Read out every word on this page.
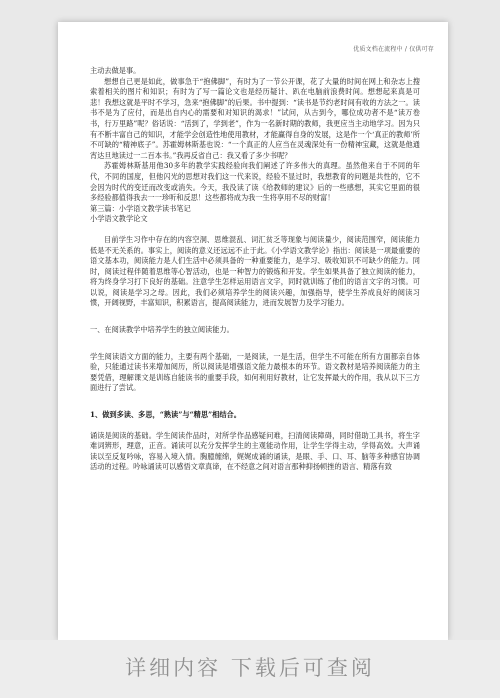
优质文档在流程中 / 仅供可存

主动去做是事。

想想自己更是如此，做事急于“抱佛脚”，有时为了一节公开课，花了大量的时间在网上和杂志上搜索着相关的图片和知识；有时为了写一篇论文也是经历疑计、趴在电脑前浪费时间。想想起来真是可悲！我想这就是平时不学习，急来“抱佛脚”的后果。书中提到：“读书是节约老时间有收的方法之一。读书不是为了应付，而是出自内心的需要和对知识的渴求！”试问，从古到今，哪位成功者不是“读万卷书，行万里路”呢？俗话说：“活到了，学到老”，作为一名新时期的教师，我更应当主动地学习。因为只有不断丰富自己的知识，才能学会创造性地使用教材，才能赢得自身的发展，这是作一个‘真正的教师’所不可缺的“精神底子”。苏霍姆林斯基也说：“一个真正的人应当在灵魂深处有一份精神宝藏，这就是他通宵达旦地读过一二百本书。”我再反省自己：我又看了多少书呢？

苏霍姆林斯基用他30多年的教学实践经验向我们阐述了许多伟大的真理。虽然他来自于不同的年代，不同的国度，但他闪光的思想对我们这一代来说，经验不显过时，我想教育的问题是共性的，它不会因为时代的变迁而改变或消失。今天，我没读了读《给教师的建议》后的一些感想，其实它里面的很多经验都值得我去一一珍听和反思！这些都将成为我一生将享用不尽的财富！

第三篇：小学语文教学读书笔记

小学语文教学论文

目前学生习作中存在的内容空洞、思维混乱、词汇贫乏等现象与阅读量少，阅读范围窄，阅读能力低是不无关系的。事实上，阅读的意义还远远不止于此。《小学语文教学论》指出：阅读是一项最重要的语文基本功，阅读能力是人们生活中必须具备的一种重要能力，是学习、吸收知识不可缺少的能力。同时，阅读过程伴随着思维等心智活动，也是一种智力的锻炼和开发。学生如果具备了独立阅读的能力，将为终身学习打下良好的基础。注意学生怎样运用语言文字，同时就训练了他们的语言文字的习惯。可以说，阅读是学习之母。因此，我们必须培养学生的阅读兴趣，加强指导，使学生养成良好的阅读习惯，开阔视野，丰富知识，积累语言，提高阅读能力，进而发展智力及学习能力。

一、在阅读教学中培养学生的独立阅读能力。

学生阅读语文方面的能力，主要有两个基础，一是阅读，一是生活，但学生不可能在所有方面都亲自体验，只能通过读书来增加阅历，所以阅读是增强语文能力最根本的环节。语文教材是培养阅读能力的主要凭借，理解课文是训练自能读书的重要手段，如何利用好教材，让它发挥最大的作用，我从以下三方面进行了尝试。

1、做到多读、多思，“熟读”与“精思”相结合。

诵读是阅读的基础。学生阅读作品时，对所学作品感疑问难，扫清阅读障碍，同时借助工具书，将生字难词辨形，理意，正音。诵读可以充分发挥学生的主观能动作用，让学生学得主动，学得高效。大声诵读以至反复吟咏，容易入境入情。胸臆缠绵，娓娓成诵的诵读，是眼、手、口、耳、脑等多种感官协调活动的过程。吟咏诵读可以感悟文章真谛，在不经意之间对语言那种抑扬顿挫的语言、精落有致

详细内容 下载后可查阅
